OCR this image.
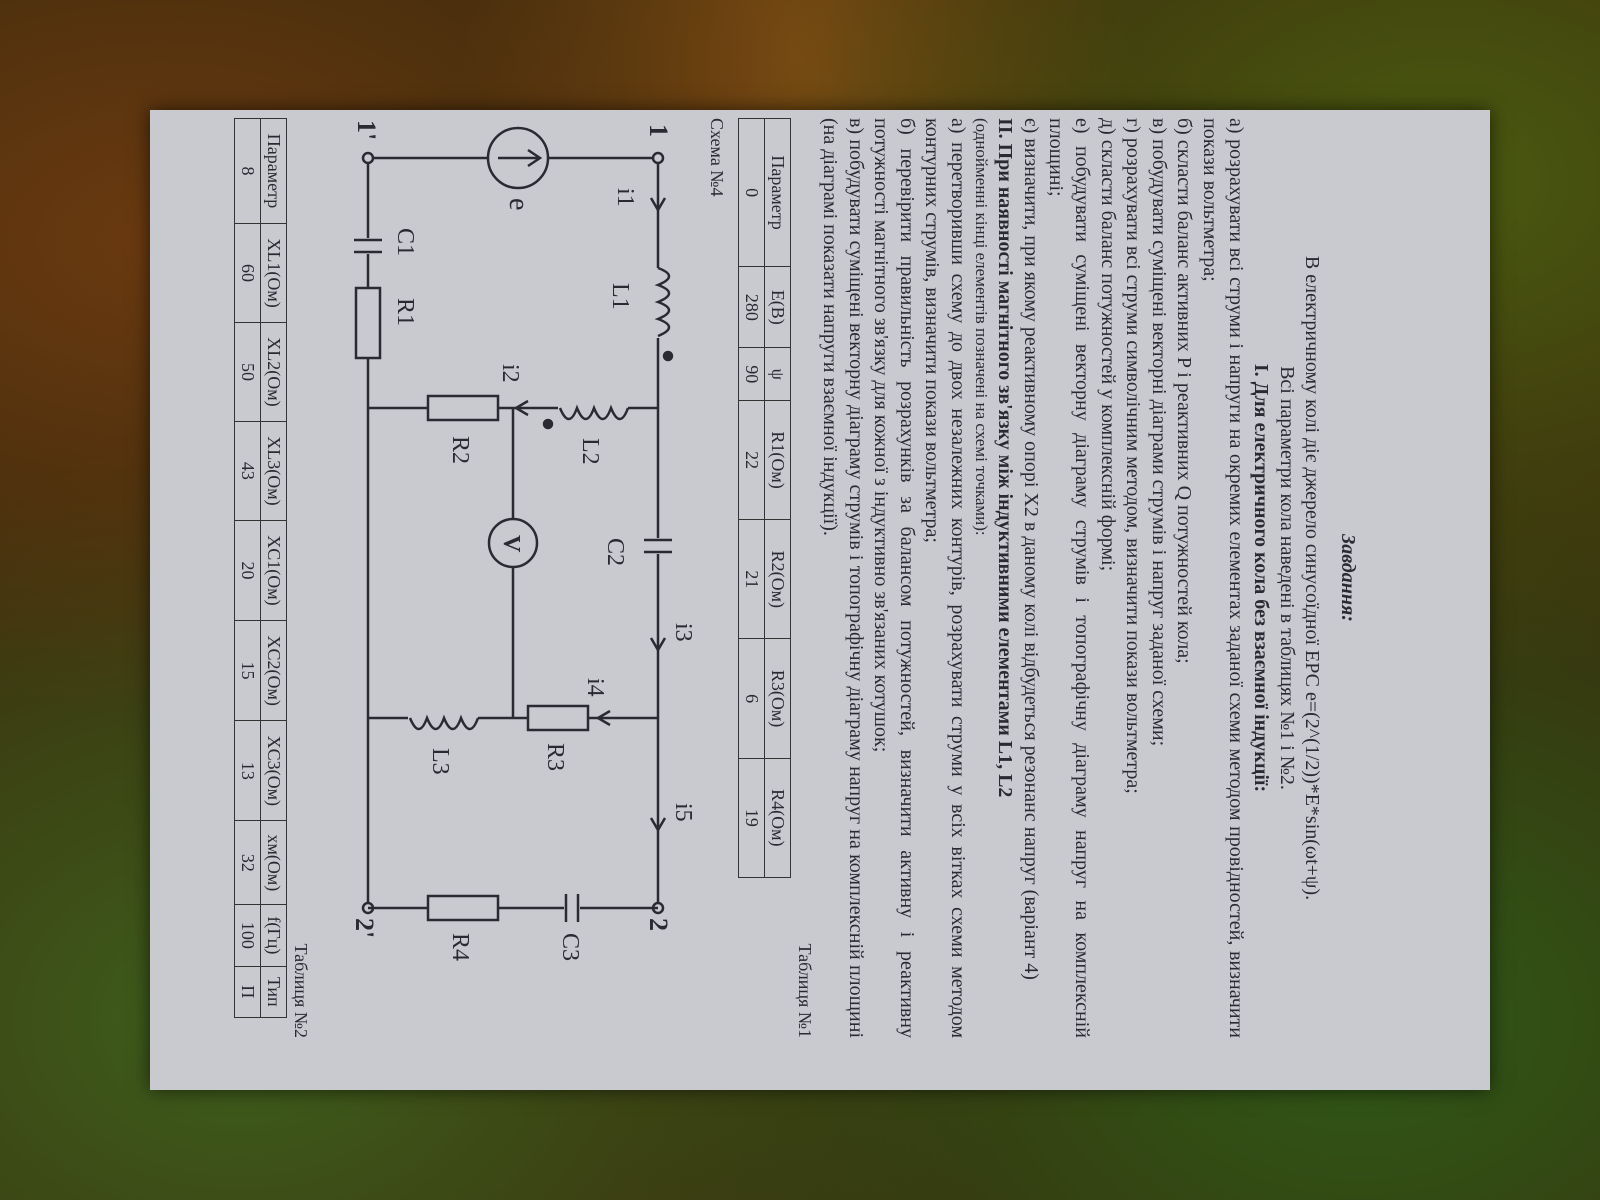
Завдання:

В електричному колі діє джерело синусоїдної ЕРС e=(2^(1/2))*E*sin(ωt+ψ).

Всі параметри кола наведені в таблицях №1 і №2.

I. Для електричного кола без взаємної індукції:

а) розрахувати всі струми і напруги на окремих елементах заданої схеми методом провідностей, визначити покази вольтметра;

б) скласти баланс активних P і реактивних Q потужностей кола;

в) побудувати суміщені векторні діаграми струмів і напруг заданої схеми;

г) розрахувати всі струми символічним методом, визначити покази вольтметра;

д) скласти баланс потужностей у комплексній формі;

е) побудувати суміщені векторну діаграму струмів і топографічну діаграму напруг на комплексній площині;

є) визначити, при якому реактивному опорі X2 в даному колі відбудеться резонанс напруг (варіант 4)

II. При наявності магнітного зв'язку між індуктивними елементами L1, L2

(однойменні кінці елементів позначені на схемі точками):

а) перетворивши схему до двох незалежних контурів, розрахувати струми у всіх вітках схеми методом контурних струмів, визначити покази вольтметра;

б) перевірити правильність розрахунків за балансом потужностей, визначити активну і реактивну потужності магнітного зв'язку для кожної з індуктивно зв'язаних котушок;

в) побудувати суміщені векторну діаграму струмів і топографічну діаграму напруг на комплексній площині (на діаграмі показати напруги взаємної індукції).

Таблиця №1

Параметр	E(B)	ψ	R1(Ом)	R2(Ом)	R3(Ом)	R4(Ом)
0	280	90	22	21	6	19
Схема №4
e
1
1'
2
2'
i1
C1
L1
R1
L2
i2
R2
C2
i3
V
i4
R3
L3
i5
C3
R4

Таблиця №2

Параметр	XL1(Ом)	XL2(Ом)	XL3(Ом)	XC1(Ом)	XC2(Ом)	XC3(Ом)	xм(Ом)	f(Гц)	Тип
8	60	50	43	20	15	13	32	100	П
